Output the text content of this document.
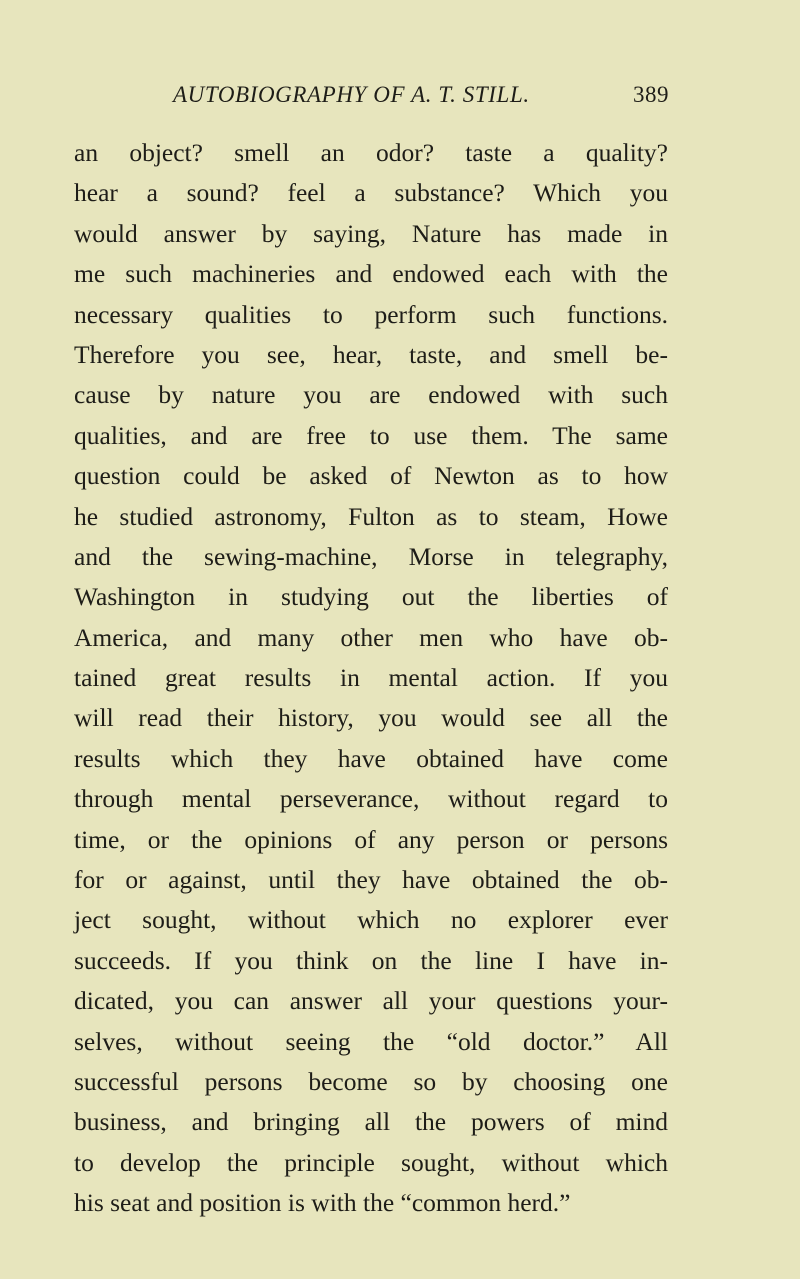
AUTOBIOGRAPHY OF A. T. STILL.	389
an object? smell an odor? taste a quality?
hear a sound? feel a substance? Which you
would answer by saying, Nature has made in
me such machineries and endowed each with the
necessary qualities to perform such functions.
Therefore you see, hear, taste, and smell be-
cause by nature you are endowed with such
qualities, and are free to use them. The same
question could be asked of Newton as to how
he studied astronomy, Fulton as to steam, Howe
and the sewing-machine, Morse in telegraphy,
Washington in studying out the liberties of
America, and many other men who have ob-
tained great results in mental action. If you
will read their history, you would see all the
results which they have obtained have come
through mental perseverance, without regard to
time, or the opinions of any person or persons
for or against, until they have obtained the ob-
ject sought, without which no explorer ever
succeeds. If you think on the line I have in-
dicated, you can answer all your questions your-
selves, without seeing the “old doctor.” All
successful persons become so by choosing one
business, and bringing all the powers of mind
to develop the principle sought, without which
his seat and position is with the “common herd.”
